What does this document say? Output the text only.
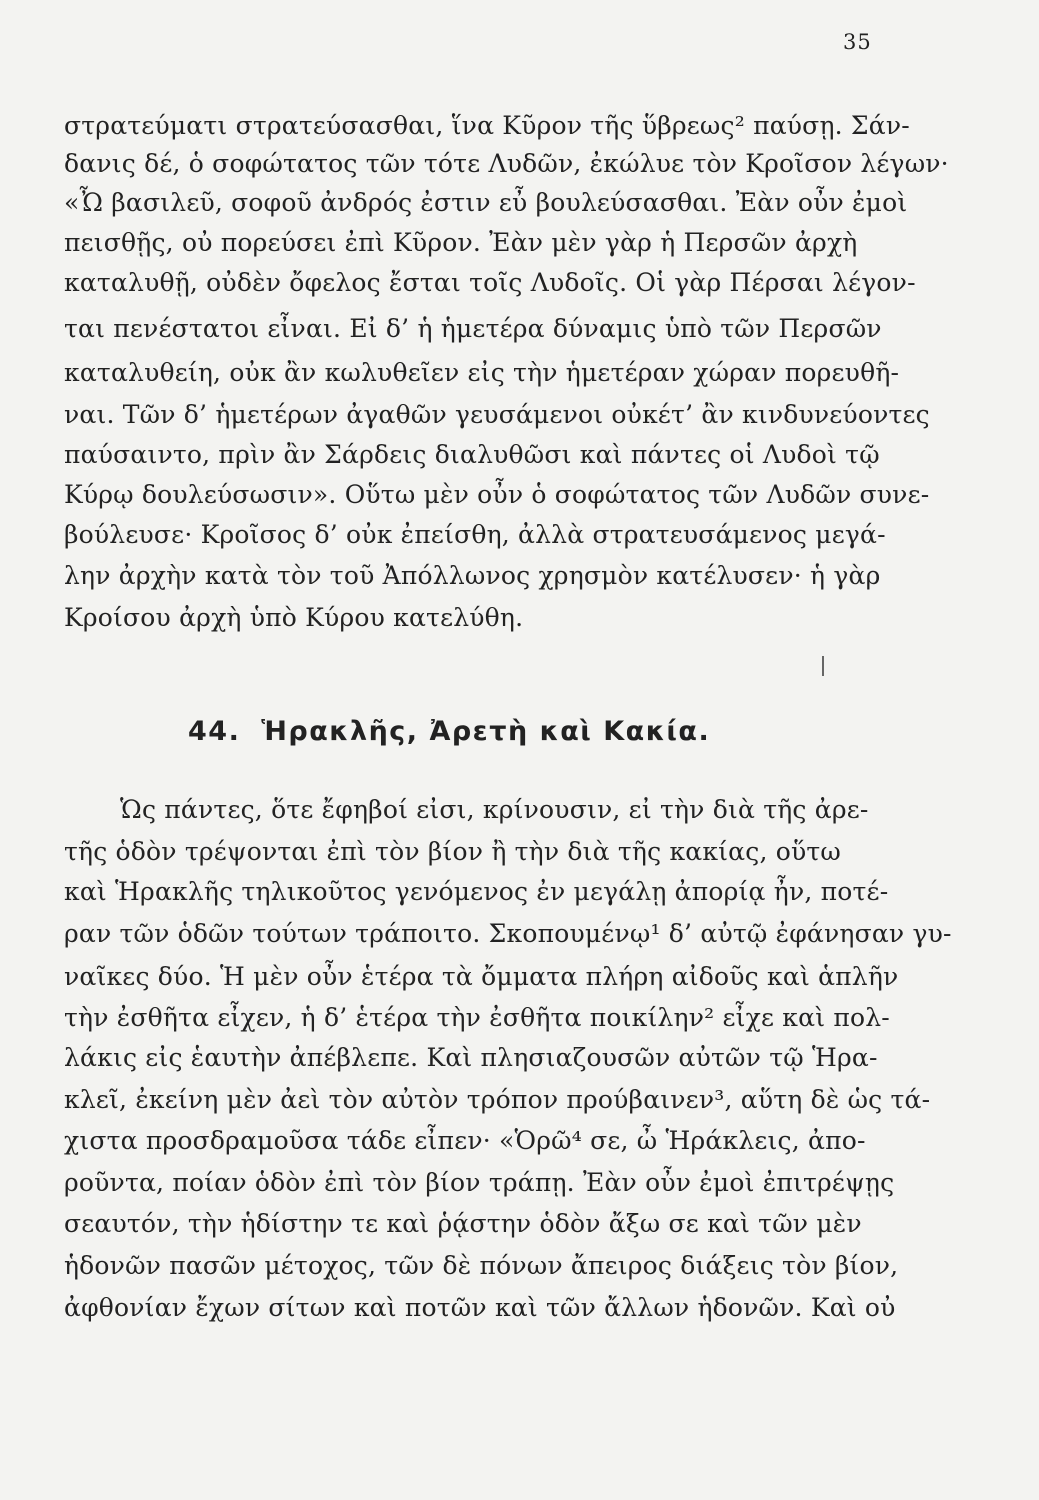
35
στρατεύματι στρατεύσασθαι, ἵνα Κῦρον τῆς ὕβρεως² παύσῃ. Σάν-
δανις δέ, ὁ σοφώτατος τῶν τότε Λυδῶν, ἐκώλυε τὸν Κροῖσον λέγων·
«Ὦ βασιλεῦ, σοφοῦ ἀνδρός ἐστιν εὖ βουλεύσασθαι. Ἐὰν οὖν ἐμοὶ
πεισθῇς, οὐ πορεύσει ἐπὶ Κῦρον. Ἐὰν μὲν γὰρ ἡ Περσῶν ἀρχὴ
καταλυθῇ, οὐδὲν ὄφελος ἔσται τοῖς Λυδοῖς. Οἱ γὰρ Πέρσαι λέγον-
ται πενέστατοι εἶναι. Εἰ δ’ ἡ ἡμετέρα δύναμις ὑπὸ τῶν Περσῶν
καταλυθείη, οὐκ ἂν κωλυθεῖεν εἰς τὴν ἡμετέραν χώραν πορευθῆ-
ναι. Τῶν δ’ ἡμετέρων ἀγαθῶν γευσάμενοι οὐκέτ’ ἂν κινδυνεύοντες
παύσαιντο, πρὶν ἂν Σάρδεις διαλυθῶσι καὶ πάντες οἱ Λυδοὶ τῷ
Κύρῳ δουλεύσωσιν». Οὕτω μὲν οὖν ὁ σοφώτατος τῶν Λυδῶν συνε-
βούλευσε· Κροῖσος δ’ οὐκ ἐπείσθη, ἀλλὰ στρατευσάμενος μεγά-
λην ἀρχὴν κατὰ τὸν τοῦ Ἀπόλλωνος χρησμὸν κατέλυσεν· ἡ γὰρ
Κροίσου ἀρχὴ ὑπὸ Κύρου κατελύθη.
44. Ἡρακλῆς, Ἀρετὴ καὶ Κακία.
Ὡς πάντες, ὅτε ἔφηβοί εἰσι, κρίνουσιν, εἰ τὴν διὰ τῆς ἀρε-
τῆς ὁδὸν τρέψονται ἐπὶ τὸν βίον ἢ τὴν διὰ τῆς κακίας, οὕτω
καὶ Ἡρακλῆς τηλικοῦτος γενόμενος ἐν μεγάλῃ ἀπορίᾳ ἦν, ποτέ-
ραν τῶν ὁδῶν τούτων τράποιτο. Σκοπουμένῳ¹ δ’ αὐτῷ ἐφάνησαν γυ-
ναῖκες δύο. Ἡ μὲν οὖν ἑτέρα τὰ ὄμματα πλήρη αἰδοῦς καὶ ἁπλῆν
τὴν ἐσθῆτα εἶχεν, ἡ δ’ ἑτέρα τὴν ἐσθῆτα ποικίλην² εἶχε καὶ πολ-
λάκις εἰς ἑαυτὴν ἀπέβλεπε. Καὶ πλησιαζουσῶν αὐτῶν τῷ Ἡρα-
κλεῖ, ἐκείνη μὲν ἀεὶ τὸν αὐτὸν τρόπον προύβαινεν³, αὕτη δὲ ὡς τά-
χιστα προσδραμοῦσα τάδε εἶπεν· «Ὁρῶ⁴ σε, ὦ Ἡράκλεις, ἀπο-
ροῦντα, ποίαν ὁδὸν ἐπὶ τὸν βίον τράπῃ. Ἐὰν οὖν ἐμοὶ ἐπιτρέψῃς
σεαυτόν, τὴν ἡδίστην τε καὶ ῥᾴστην ὁδὸν ἄξω σε καὶ τῶν μὲν
ἡδονῶν πασῶν μέτοχος, τῶν δὲ πόνων ἄπειρος διάξεις τὸν βίον,
ἀφθονίαν ἔχων σίτων καὶ ποτῶν καὶ τῶν ἄλλων ἡδονῶν. Καὶ οὐ
